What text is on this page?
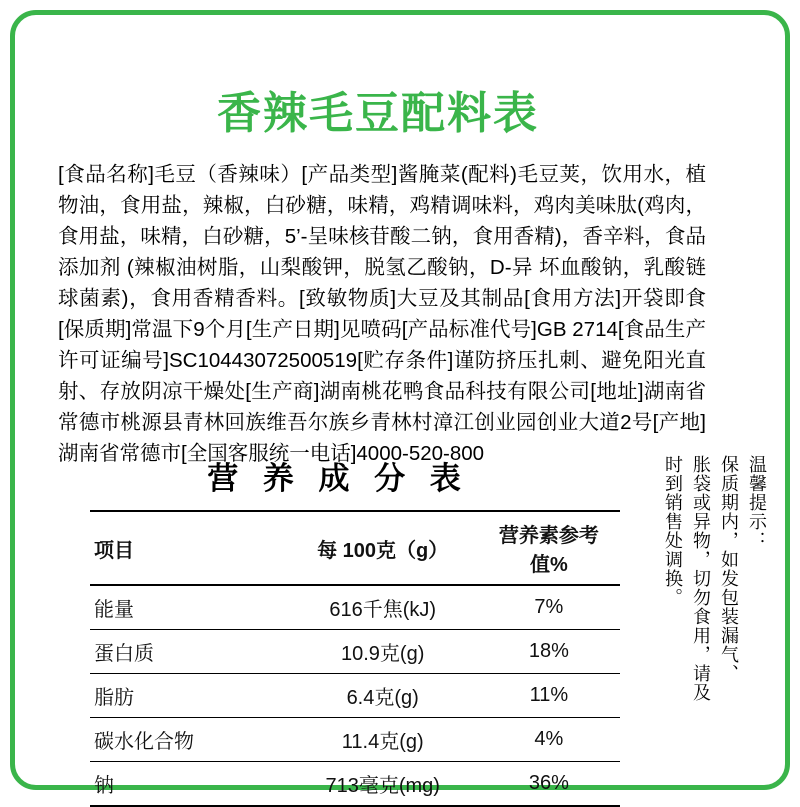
香辣毛豆配料表
[食品名称]毛豆（香辣味）[产品类型]酱腌菜(配料)毛豆荚，饮用水，植物油，食用盐，辣椒，白砂糖，味精，鸡精调味料，鸡肉美味肽(鸡肉，食用盐，味精，白砂糖，5’-呈味核苷酸二钠，食用香精)，香辛料，食品添加剂 (辣椒油树脂，山梨酸钾，脱氢乙酸钠，D-异 坏血酸钠，乳酸链球菌素)，食用香精香料。[致敏物质]大豆及其制品[食用方法]开袋即食[保质期]常温下9个月[生产日期]见喷码[产品标准代号]GB 2714[食品生产许可证编号]SC10443072500519[贮存条件]谨防挤压扎刺、避免阳光直射、存放阴凉干燥处[生产商]湖南桃花鸭食品科技有限公司[地址]湖南省常德市桃源县青林回族维吾尔族乡青林村漳江创业园创业大道2号[产地]湖南省常德市[全国客服统一电话]4000-520-800
营 养 成 分 表
项目	每 100克（g）	营养素参考值%
能量	616千焦(kJ)	7%
蛋白质	10.9克(g)	18%
脂肪	6.4克(g)	11%
碳水化合物	11.4克(g)	4%
钠	713毫克(mg)	36%
温馨提示：
保质期内，如发包装漏气、
胀袋或异物，切勿食用，请及
时到销售处调换。
